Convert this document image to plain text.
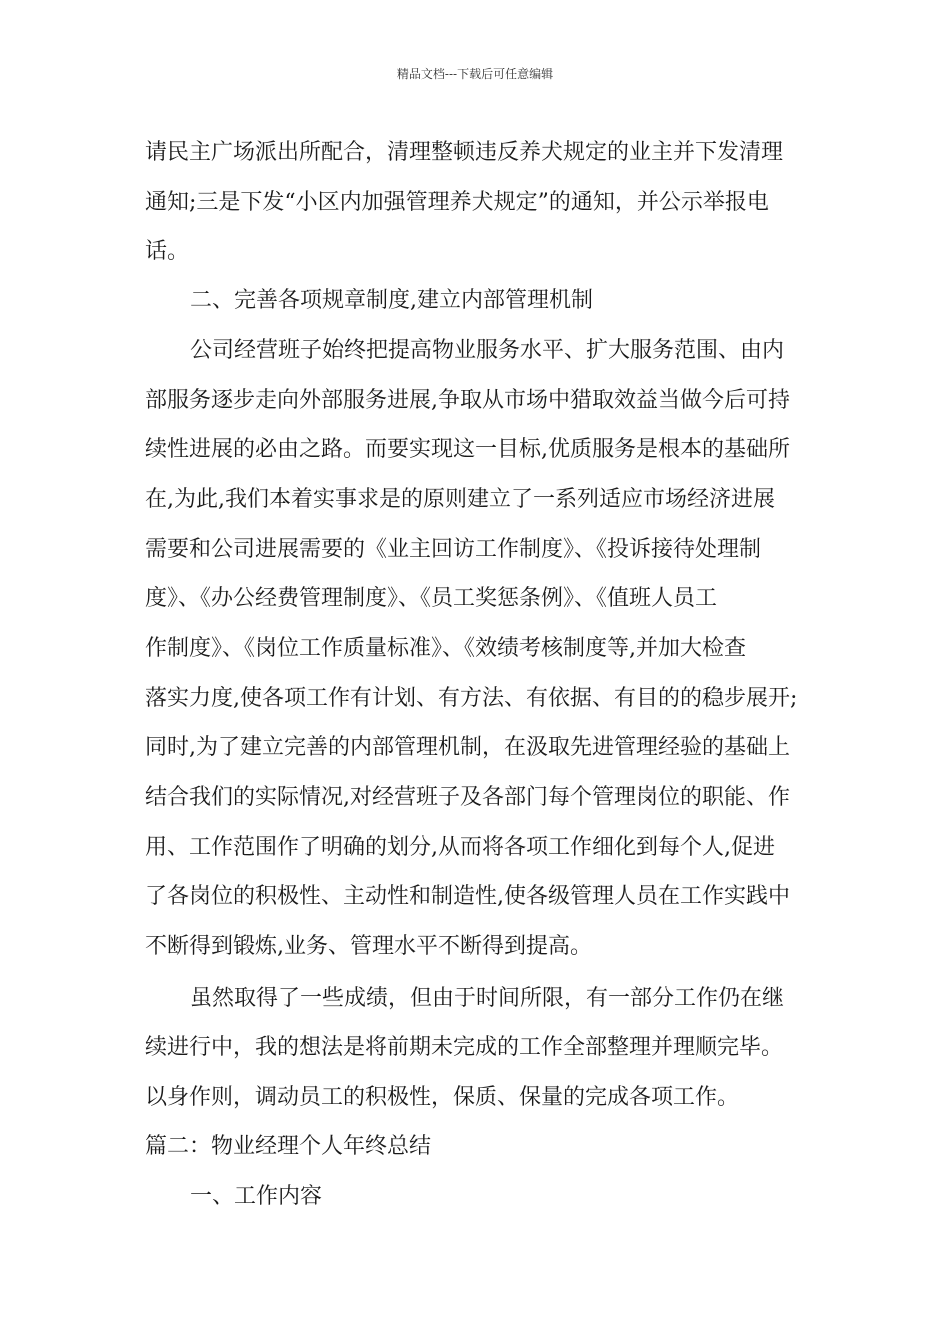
精品文档---下载后可任意编辑
请民主广场派出所配合，清理整顿违反养犬规定的业主并下发清理
通知;三是下发“小区内加强管理养犬规定”的通知，并公示举报电
话。
二、完善各项规章制度,建立内部管理机制
公司经营班子始终把提高物业服务水平、扩大服务范围、由内
部服务逐步走向外部服务进展,争取从市场中猎取效益当做今后可持
续性进展的必由之路。而要实现这一目标,优质服务是根本的基础所
在,为此,我们本着实事求是的原则建立了一系列适应市场经济进展
需要和公司进展需要的《业主回访工作制度》、《投诉接待处理制
度》、《办公经费管理制度》、《员工奖惩条例》、《值班人员工
作制度》、《岗位工作质量标准》、《效绩考核制度等,并加大检查
落实力度,使各项工作有计划、有方法、有依据、有目的的稳步展开;
同时,为了建立完善的内部管理机制，在汲取先进管理经验的基础上
结合我们的实际情况,对经营班子及各部门每个管理岗位的职能、作
用、工作范围作了明确的划分,从而将各项工作细化到每个人,促进
了各岗位的积极性、主动性和制造性,使各级管理人员在工作实践中
不断得到锻炼,业务、管理水平不断得到提高。
虽然取得了一些成绩，但由于时间所限，有一部分工作仍在继
续进行中，我的想法是将前期未完成的工作全部整理并理顺完毕。
以身作则，调动员工的积极性，保质、保量的完成各项工作。
篇二：物业经理个人年终总结
一、工作内容
